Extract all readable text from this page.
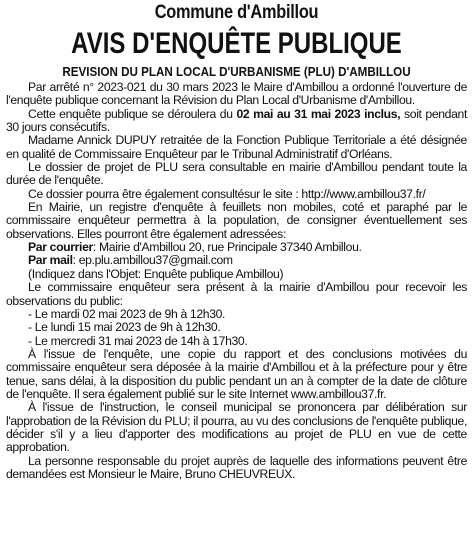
Commune d'Ambillou
AVIS D'ENQUÊTE PUBLIQUE
REVISION DU PLAN LOCAL D'URBANISME (PLU) D'AMBILLOU

Par arrêté n° 2023-021 du 30 mars 2023 le Maire d'Ambillou a ordonné l'ouverture de l'enquête publique concernant la Révision du Plan Local d'Urbanisme d'Ambillou.

Cette enquête publique se déroulera du 02 mai au 31 mai 2023 inclus, soit pendant 30 jours consécutifs.

Madame Annick DUPUY retraitée de la Fonction Publique Territoriale a été désignée en qualité de Commissaire Enquêteur par le Tribunal Administratif d'Orléans.

Le dossier de projet de PLU sera consultable en mairie d'Ambillou pendant toute la durée de l'enquête.

Ce dossier pourra être également consultésur le site : http://www.ambillou37.fr/

En Mairie, un registre d'enquête à feuillets non mobiles, coté et paraphé par le commissaire enquêteur permettra à la population, de consigner éventuellement ses observations. Elles pourront être également adressées:

Par courrier: Mairie d'Ambillou 20, rue Principale 37340 Ambillou.

Par mail: ep.plu.ambillou37@gmail.com

(Indiquez dans l'Objet: Enquête publique Ambillou)

Le commissaire enquêteur sera présent à la mairie d'Ambillou pour recevoir les observations du public:

- Le mardi 02 mai 2023 de 9h à 12h30.

- Le lundi 15 mai 2023 de 9h à 12h30.

- Le mercredi 31 mai 2023 de 14h à 17h30.

À l'issue de l'enquête, une copie du rapport et des conclusions motivées du commissaire enquêteur sera déposée à la mairie d'Ambillou et à la préfecture pour y être tenue, sans délai, à la disposition du public pendant un an à compter de la date de clôture de l'enquête. Il sera également publié sur le site Internet www.ambillou37.fr.

À l'issue de l'instruction, le conseil municipal se prononcera par délibération sur l'approbation de la Révision du PLU; il pourra, au vu des conclusions de l'enquête publique, décider s'il y a lieu d'apporter des modifications au projet de PLU en vue de cette approbation.

La personne responsable du projet auprès de laquelle des informations peuvent être demandées est Monsieur le Maire, Bruno CHEUVREUX.
